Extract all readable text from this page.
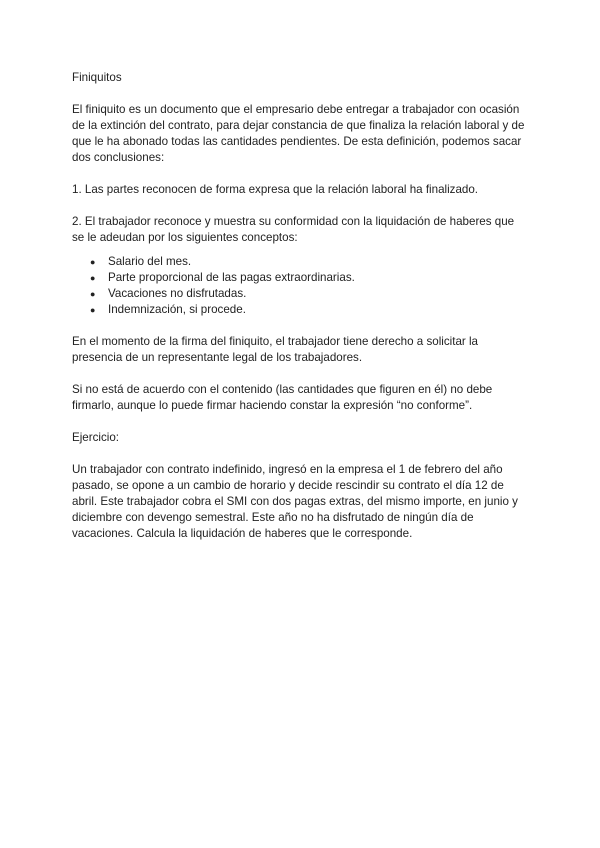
Finiquitos

El finiquito es un documento que el empresario debe entregar a trabajador con ocasión de la extinción del contrato, para dejar constancia de que finaliza la relación laboral y de que le ha abonado todas las cantidades pendientes. De esta definición, podemos sacar dos conclusiones:

1. Las partes reconocen de forma expresa que la relación laboral ha finalizado.

2. El trabajador reconoce y muestra su conformidad con la liquidación de haberes que se le adeudan por los siguientes conceptos:

● Salario del mes.
● Parte proporcional de las pagas extraordinarias.
● Vacaciones no disfrutadas.
● Indemnización, si procede.

En el momento de la firma del finiquito, el trabajador tiene derecho a solicitar la presencia de un representante legal de los trabajadores.

Si no está de acuerdo con el contenido (las cantidades que figuren en él) no debe firmarlo, aunque lo puede firmar haciendo constar la expresión “no conforme”.

Ejercicio:

Un trabajador con contrato indefinido, ingresó en la empresa el 1 de febrero del año pasado, se opone a un cambio de horario y decide rescindir su contrato el día 12 de abril. Este trabajador cobra el SMI con dos pagas extras, del mismo importe, en junio y diciembre con devengo semestral. Este año no ha disfrutado de ningún día de vacaciones. Calcula la liquidación de haberes que le corresponde.
